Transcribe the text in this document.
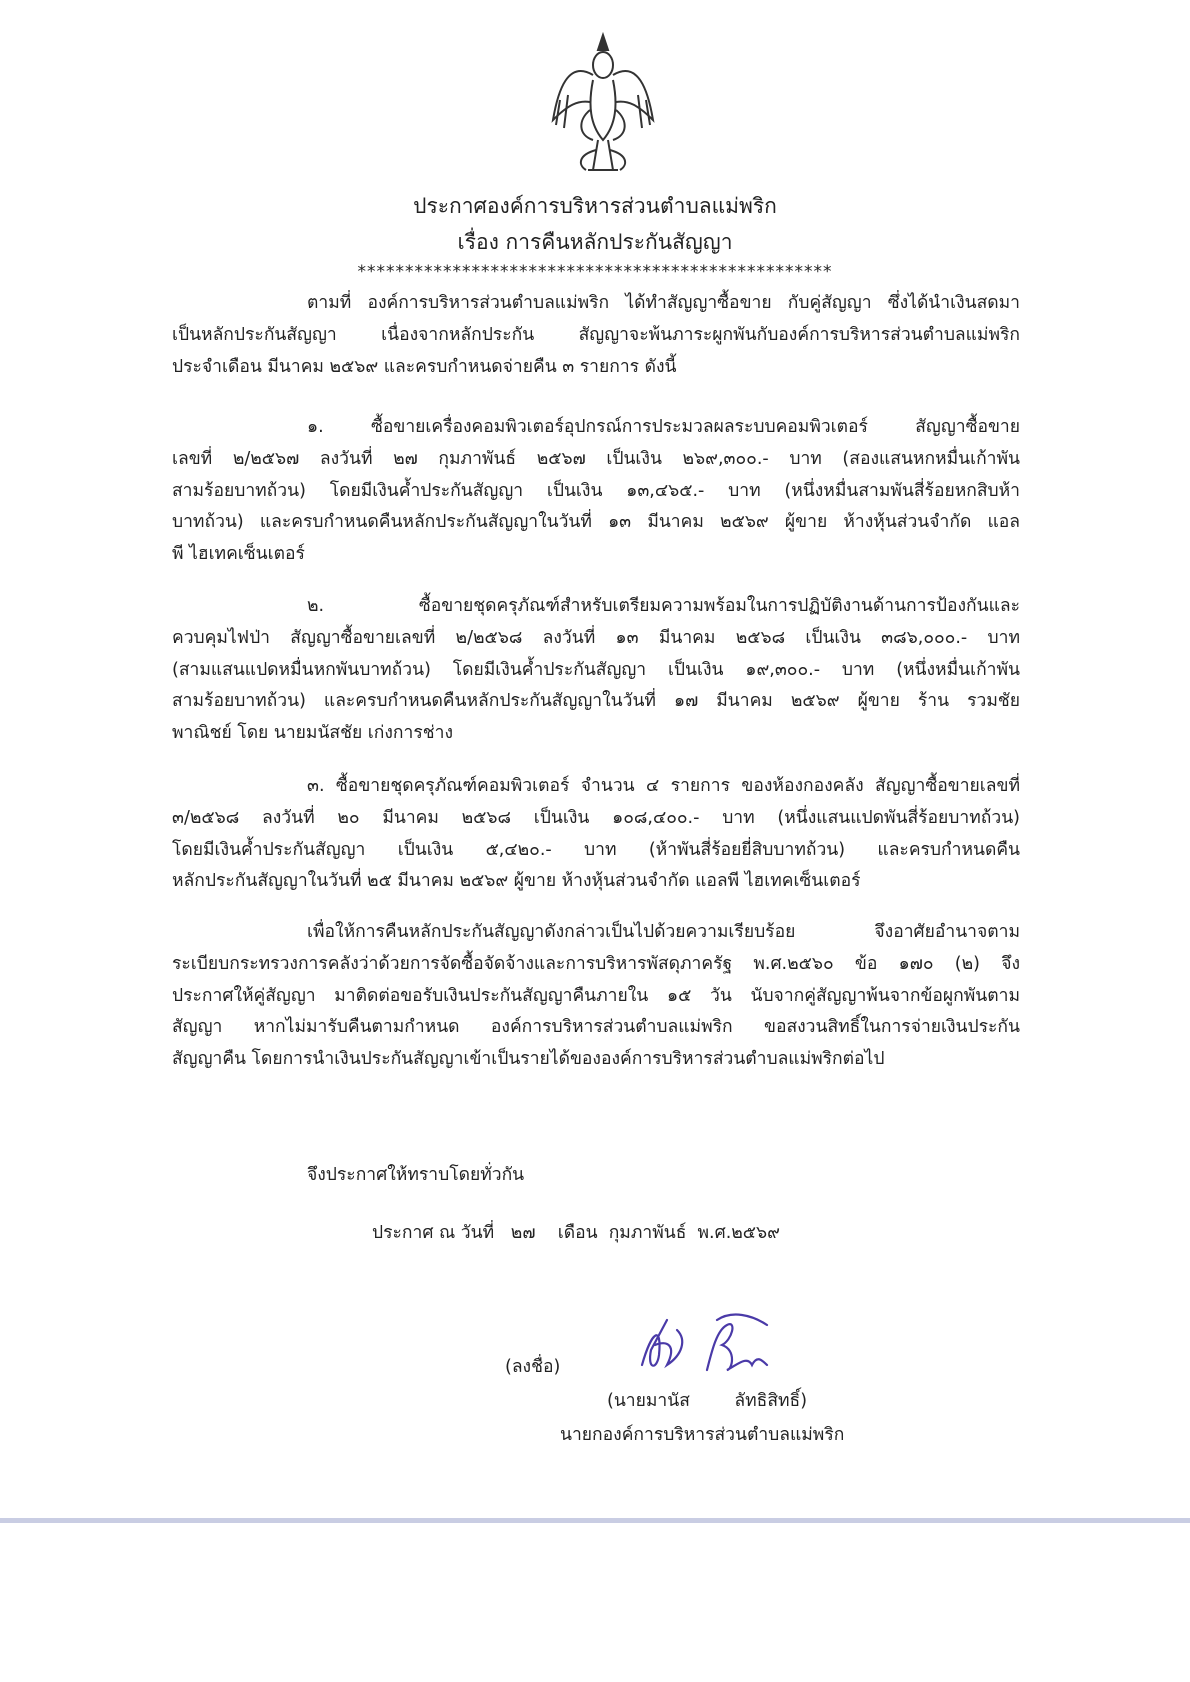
ประกาศองค์การบริหารส่วนตำบลแม่พริก
เรื่อง การคืนหลักประกันสัญญา
**************************************************
ตามที่ องค์การบริหารส่วนตำบลแม่พริก ได้ทำสัญญาซื้อขาย กับคู่สัญญา ซึ่งได้นำเงินสดมา
เป็นหลักประกันสัญญา เนื่องจากหลักประกัน สัญญาจะพ้นภาระผูกพันกับองค์การบริหารส่วนตำบลแม่พริก
ประจำเดือน มีนาคม ๒๕๖๙ และครบกำหนดจ่ายคืน ๓ รายการ ดังนี้
๑. ซื้อขายเครื่องคอมพิวเตอร์อุปกรณ์การประมวลผลระบบคอมพิวเตอร์ สัญญาซื้อขาย
เลขที่ ๒/๒๕๖๗ ลงวันที่ ๒๗ กุมภาพันธ์ ๒๕๖๗ เป็นเงิน ๒๖๙,๓๐๐.- บาท (สองแสนหกหมื่นเก้าพัน
สามร้อยบาทถ้วน) โดยมีเงินค้ำประกันสัญญา เป็นเงิน ๑๓,๔๖๕.- บาท (หนึ่งหมื่นสามพันสี่ร้อยหกสิบห้า
บาทถ้วน) และครบกำหนดคืนหลักประกันสัญญาในวันที่ ๑๓ มีนาคม ๒๕๖๙ ผู้ขาย ห้างหุ้นส่วนจำกัด แอล
พี ไฮเทคเซ็นเตอร์
๒. ซื้อขายชุดครุภัณฑ์สำหรับเตรียมความพร้อมในการปฏิบัติงานด้านการป้องกันและ
ควบคุมไฟป่า สัญญาซื้อขายเลขที่ ๒/๒๕๖๘ ลงวันที่ ๑๓ มีนาคม ๒๕๖๘ เป็นเงิน ๓๘๖,๐๐๐.- บาท
(สามแสนแปดหมื่นหกพันบาทถ้วน) โดยมีเงินค้ำประกันสัญญา เป็นเงิน ๑๙,๓๐๐.- บาท (หนึ่งหมื่นเก้าพัน
สามร้อยบาทถ้วน) และครบกำหนดคืนหลักประกันสัญญาในวันที่ ๑๗ มีนาคม ๒๕๖๙ ผู้ขาย ร้าน รวมชัย
พาณิชย์ โดย นายมนัสชัย เก่งการช่าง
๓. ซื้อขายชุดครุภัณฑ์คอมพิวเตอร์ จำนวน ๔ รายการ ของห้องกองคลัง สัญญาซื้อขายเลขที่
๓/๒๕๖๘ ลงวันที่ ๒๐ มีนาคม ๒๕๖๘ เป็นเงิน ๑๐๘,๔๐๐.- บาท (หนึ่งแสนแปดพันสี่ร้อยบาทถ้วน)
โดยมีเงินค้ำประกันสัญญา เป็นเงิน ๕,๔๒๐.- บาท (ห้าพันสี่ร้อยยี่สิบบาทถ้วน) และครบกำหนดคืน
หลักประกันสัญญาในวันที่ ๒๕ มีนาคม ๒๕๖๙ ผู้ขาย ห้างหุ้นส่วนจำกัด แอลพี ไฮเทคเซ็นเตอร์
เพื่อให้การคืนหลักประกันสัญญาดังกล่าวเป็นไปด้วยความเรียบร้อย จึงอาศัยอำนาจตาม
ระเบียบกระทรวงการคลังว่าด้วยการจัดซื้อจัดจ้างและการบริหารพัสดุภาครัฐ พ.ศ.๒๕๖๐ ข้อ ๑๗๐ (๒) จึง
ประกาศให้คู่สัญญา มาติดต่อขอรับเงินประกันสัญญาคืนภายใน ๑๕ วัน นับจากคู่สัญญาพ้นจากข้อผูกพันตาม
สัญญา หากไม่มารับคืนตามกำหนด องค์การบริหารส่วนตำบลแม่พริก ขอสงวนสิทธิ์ในการจ่ายเงินประกัน
สัญญาคืน โดยการนำเงินประกันสัญญาเข้าเป็นรายได้ขององค์การบริหารส่วนตำบลแม่พริกต่อไป
จึงประกาศให้ทราบโดยทั่วกัน
ประกาศ ณ วันที่   ๒๗    เดือน  กุมภาพันธ์  พ.ศ.๒๕๖๙
(ลงชื่อ)
(นายมานัส        ลัทธิสิทธิ์)
นายกองค์การบริหารส่วนตำบลแม่พริก
